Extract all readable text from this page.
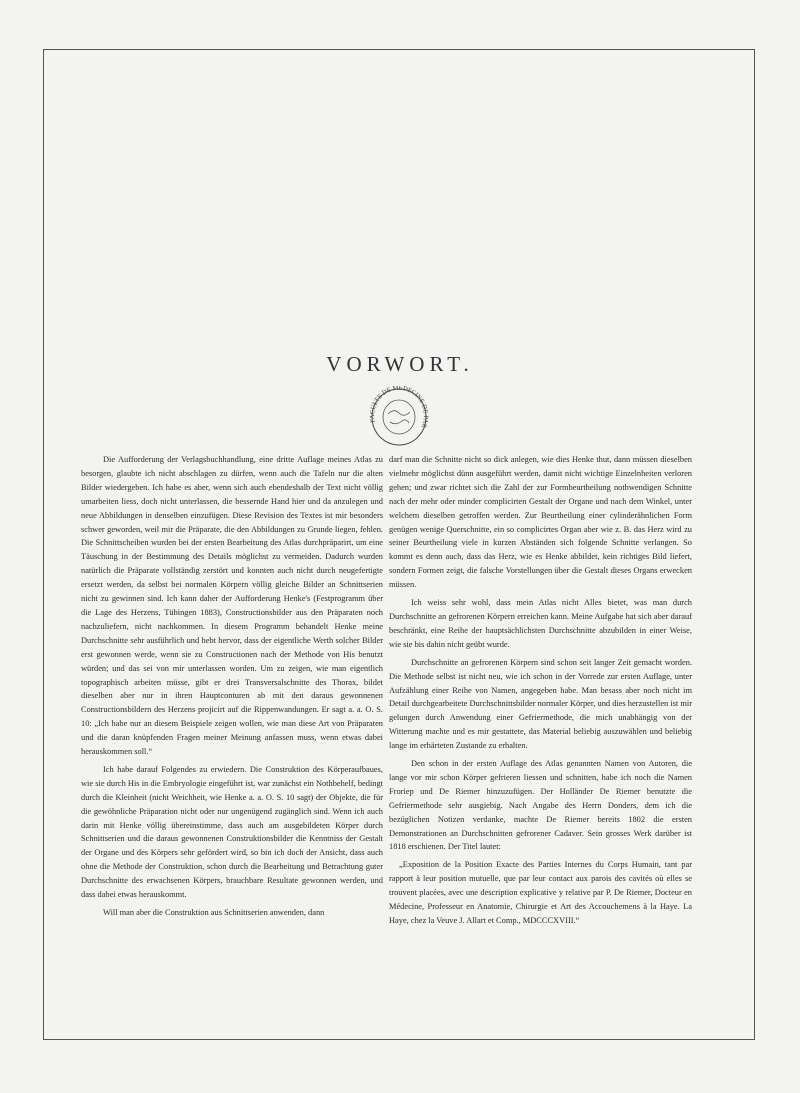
VORWORT.
FACULTE DE MEDECINE DE PAR

Die Aufforderung der Verlagsbuchhandlung, eine dritte Auflage meines Atlas zu besorgen, glaubte ich nicht abschlagen zu dürfen, wenn auch die Tafeln nur die alten Bilder wiedergeben. Ich habe es aber, wenn sich auch ebendeshalb der Text nicht völlig umarbeiten liess, doch nicht unterlassen, die bessernde Hand hier und da anzulegen und neue Abbildungen in denselben einzufügen. Diese Revision des Textes ist mir besonders schwer geworden, weil mir die Präparate, die den Abbildungen zu Grunde liegen, fehlen. Die Schnittscheiben wurden bei der ersten Bearbeitung des Atlas durchpräparirt, um eine Täuschung in der Bestimmung des Details möglichst zu vermeiden. Dadurch wurden natürlich die Präparate vollständig zerstört und konnten auch nicht durch neugefertigte ersetzt werden, da selbst bei normalen Körpern völlig gleiche Bilder an Schnittserien nicht zu gewinnen sind. Ich kann daher der Aufforderung Henke's (Festprogramm über die Lage des Herzens, Tübingen 1883), Constructionsbilder aus den Präparaten noch nachzuliefern, nicht nachkommen. In diesem Programm behandelt Henke meine Durchschnitte sehr ausführlich und hebt hervor, dass der eigentliche Werth solcher Bilder erst gewonnen werde, wenn sie zu Constructionen nach der Methode von His benutzt würden; und das sei von mir unterlassen worden. Um zu zeigen, wie man eigentlich topographisch arbeiten müsse, gibt er drei Transversalschnitte des Thorax, bildet dieselben aber nur in ihren Hauptconturen ab mit den daraus gewonnenen Constructionsbildern des Herzens projicirt auf die Rippenwandungen. Er sagt a. a. O. S. 10: „Ich habe nur an diesem Beispiele zeigen wollen, wie man diese Art von Präparaten und die daran knüpfenden Fragen meiner Meinung anfassen muss, wenn etwas dabei herauskommen soll.“

Ich habe darauf Folgendes zu erwiedern. Die Construktion des Körperaufbaues, wie sie durch His in die Embryologie eingeführt ist, war zunächst ein Nothbehelf, bedingt durch die Kleinheit (nicht Weichheit, wie Henke a. a. O. S. 10 sagt) der Objekte, die für die gewöhnliche Präparation nicht oder nur ungenügend zugänglich sind. Wenn ich auch darin mit Henke völlig übereinstimme, dass auch am ausgebildeten Körper durch Schnittserien und die daraus gewonnenen Construktionsbilder die Kenntniss der Gestalt der Organe und des Körpers sehr gefördert wird, so bin ich doch der Ansicht, dass auch ohne die Methode der Construktion, schon durch die Bearbeitung und Betrachtung guter Durchschnitte des erwachsenen Körpers, brauchbare Resultate gewonnen werden, und dass dabei etwas herauskommt.

Will man aber die Construktion aus Schnittserien anwenden, dann

darf man die Schnitte nicht so dick anlegen, wie dies Henke thut, dann müssen dieselben vielmehr möglichst dünn ausgeführt werden, damit nicht wichtige Einzelnheiten verloren gehen; und zwar richtet sich die Zahl der zur Formbeurtheilung nothwendigen Schnitte nach der mehr oder minder complicirten Gestalt der Organe und nach dem Winkel, unter welchem dieselben getroffen werden. Zur Beurtheilung einer cylinderähnlichen Form genügen wenige Querschnitte, ein so complicirtes Organ aber wie z. B. das Herz wird zu seiner Beurtheilung viele in kurzen Abständen sich folgende Schnitte verlangen. So kommt es denn auch, dass das Herz, wie es Henke abbildet, kein richtiges Bild liefert, sondern Formen zeigt, die falsche Vorstellungen über die Gestalt dieses Organs erwecken müssen.

Ich weiss sehr wohl, dass mein Atlas nicht Alles bietet, was man durch Durchschnitte an gefrorenen Körpern erreichen kann. Meine Aufgabe hat sich aber darauf beschränkt, eine Reihe der hauptsächlichsten Durchschnitte abzubilden in einer Weise, wie sie bis dahin nicht geübt wurde.

Durchschnitte an gefrorenen Körpern sind schon seit langer Zeit gemacht worden. Die Methode selbst ist nicht neu, wie ich schon in der Vorrede zur ersten Auflage, unter Aufzählung einer Reihe von Namen, angegeben habe. Man besass aber noch nicht im Detail durchgearbeitete Durchschnittsbilder normaler Körper, und dies herzustellen ist mir gelungen durch Anwendung einer Gefriermethode, die mich unabhängig von der Witterung machte und es mir gestattete, das Material beliebig auszuwählen und beliebig lange im erhärteten Zustande zu erhalten.

Den schon in der ersten Auflage des Atlas genannten Namen von Autoren, die lange vor mir schon Körper gefrieren liessen und schnitten, habe ich noch die Namen Froriep und De Riemer hinzuzufügen. Der Holländer De Riemer benutzte die Gefriermethode sehr ausgiebig. Nach Angabe des Herrn Donders, dem ich die bezüglichen Notizen verdanke, machte De Riemer bereits 1802 die ersten Demonstrationen an Durchschnitten gefrorener Cadaver. Sein grosses Werk darüber ist 1818 erschienen. Der Titel lautet:

„Exposition de la Position Exacte des Parties Internes du Corps Humain, tant par rapport à leur position mutuelle, que par leur contact aux parois des cavités où elles se trouvent placées, avec une description explicative y relative par P. De Riemer, Docteur en Médecine, Professeur en Anatomie, Chirurgie et Art des Accouchemens à la Haye. La Haye, chez la Veuve J. Allart et Comp., MDCCCXVIII.“
